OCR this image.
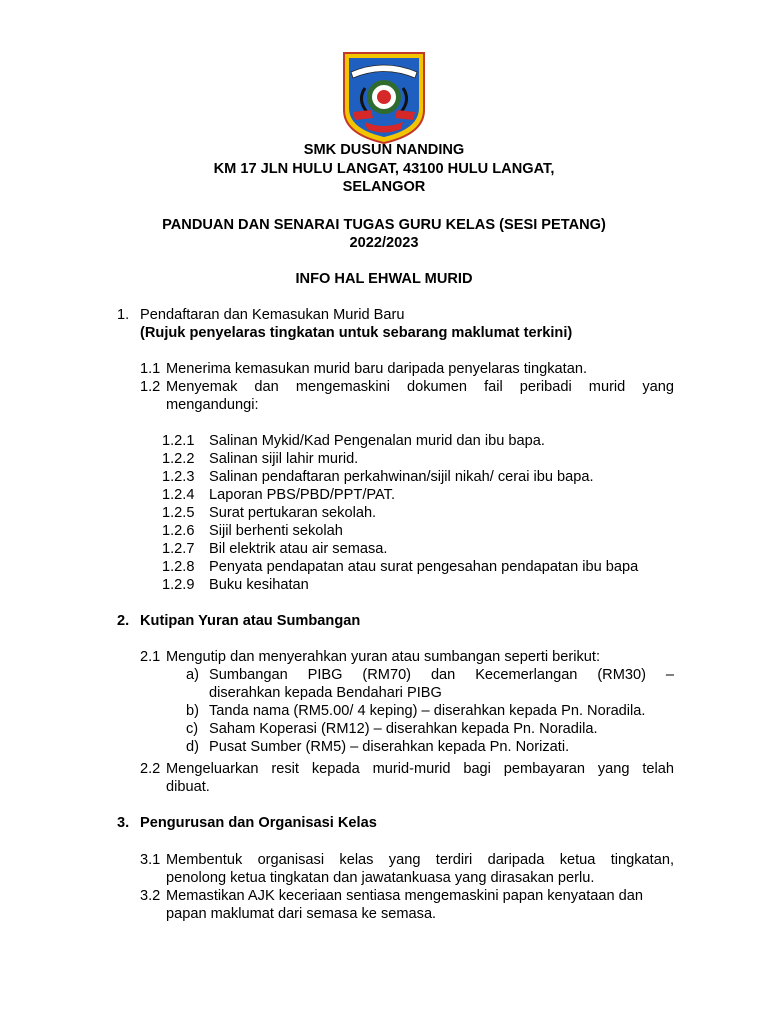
SMK DUSUN NANDING
KM 17 JLN HULU LANGAT, 43100 HULU LANGAT,
SELANGOR
PANDUAN DAN SENARAI TUGAS GURU KELAS (SESI PETANG)
2022/2023
INFO HAL EHWAL MURID
1. Pendaftaran dan Kemasukan Murid Baru
(Rujuk penyelaras tingkatan untuk sebarang maklumat terkini)
1.1 Menerima kemasukan murid baru daripada penyelaras tingkatan.
1.2 Menyemak dan mengemaskini dokumen fail peribadi murid yang
mengandungi:
1.2.1 Salinan Mykid/Kad Pengenalan murid dan ibu bapa.
1.2.2 Salinan sijil lahir murid.
1.2.3 Salinan pendaftaran perkahwinan/sijil nikah/ cerai ibu bapa.
1.2.4 Laporan PBS/PBD/PPT/PAT.
1.2.5 Surat pertukaran sekolah.
1.2.6 Sijil berhenti sekolah
1.2.7 Bil elektrik atau air semasa.
1.2.8 Penyata pendapatan atau surat pengesahan pendapatan ibu bapa
1.2.9 Buku kesihatan
2. Kutipan Yuran atau Sumbangan
2.1 Mengutip dan menyerahkan yuran atau sumbangan seperti berikut:
a) Sumbangan PIBG (RM70) dan Kecemerlangan (RM30) –
diserahkan kepada Bendahari PIBG
b) Tanda nama (RM5.00/ 4 keping) – diserahkan kepada Pn. Noradila.
c) Saham Koperasi (RM12) – diserahkan kepada Pn. Noradila.
d) Pusat Sumber (RM5) – diserahkan kepada Pn. Norizati.
2.2 Mengeluarkan resit kepada murid-murid bagi pembayaran yang telah
dibuat.
3. Pengurusan dan Organisasi Kelas
3.1 Membentuk organisasi kelas yang terdiri daripada ketua tingkatan,
penolong ketua tingkatan dan jawatankuasa yang dirasakan perlu.
3.2 Memastikan AJK keceriaan sentiasa mengemaskini papan kenyataan dan
papan maklumat dari semasa ke semasa.
